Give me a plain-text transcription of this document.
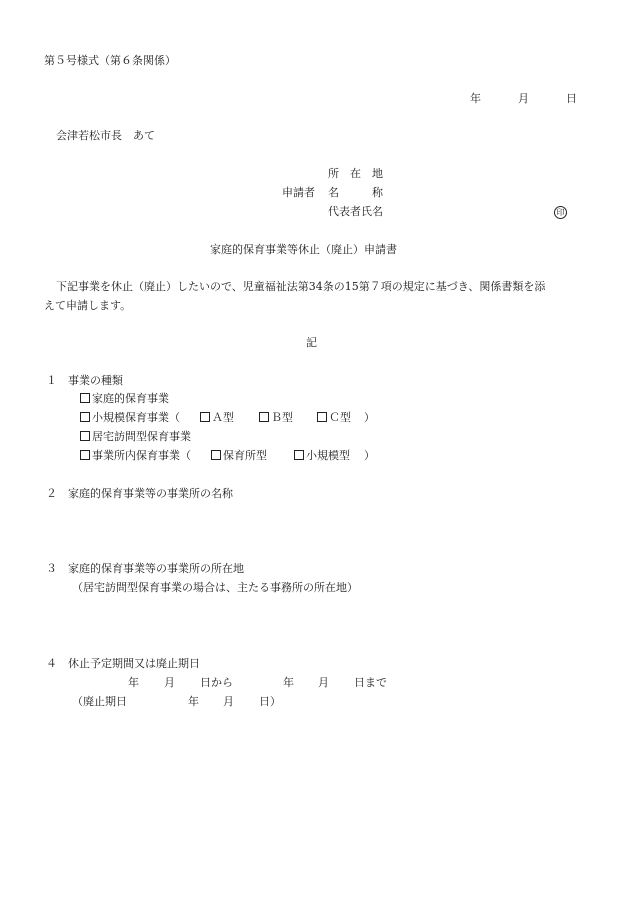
第５号様式（第６条関係）
年	月	日
会津若松市長　あて
所　在　地
申請者 名　　　称
代表者氏名	印
家庭的保育事業等休止（廃止）申請書
下記事業を休止（廃止）したいので、児童福祉法第34条の15第７項の規定に基づき、関係書類を添
えて申請します。
記
１ 事業の種類
家庭的保育事業
小規模保育事業（	Ａ型	Ｂ型	Ｃ型 ）
居宅訪問型保育事業
事業所内保育事業（	保育所型	小規模型 ）
２ 家庭的保育事業等の事業所の名称
３ 家庭的保育事業等の事業所の所在地
（居宅訪問型保育事業の場合は、主たる事務所の所在地）
４ 休止予定期間又は廃止期日
年 月 日から	年 月 日まで
（廃止期日	年 月 日）
